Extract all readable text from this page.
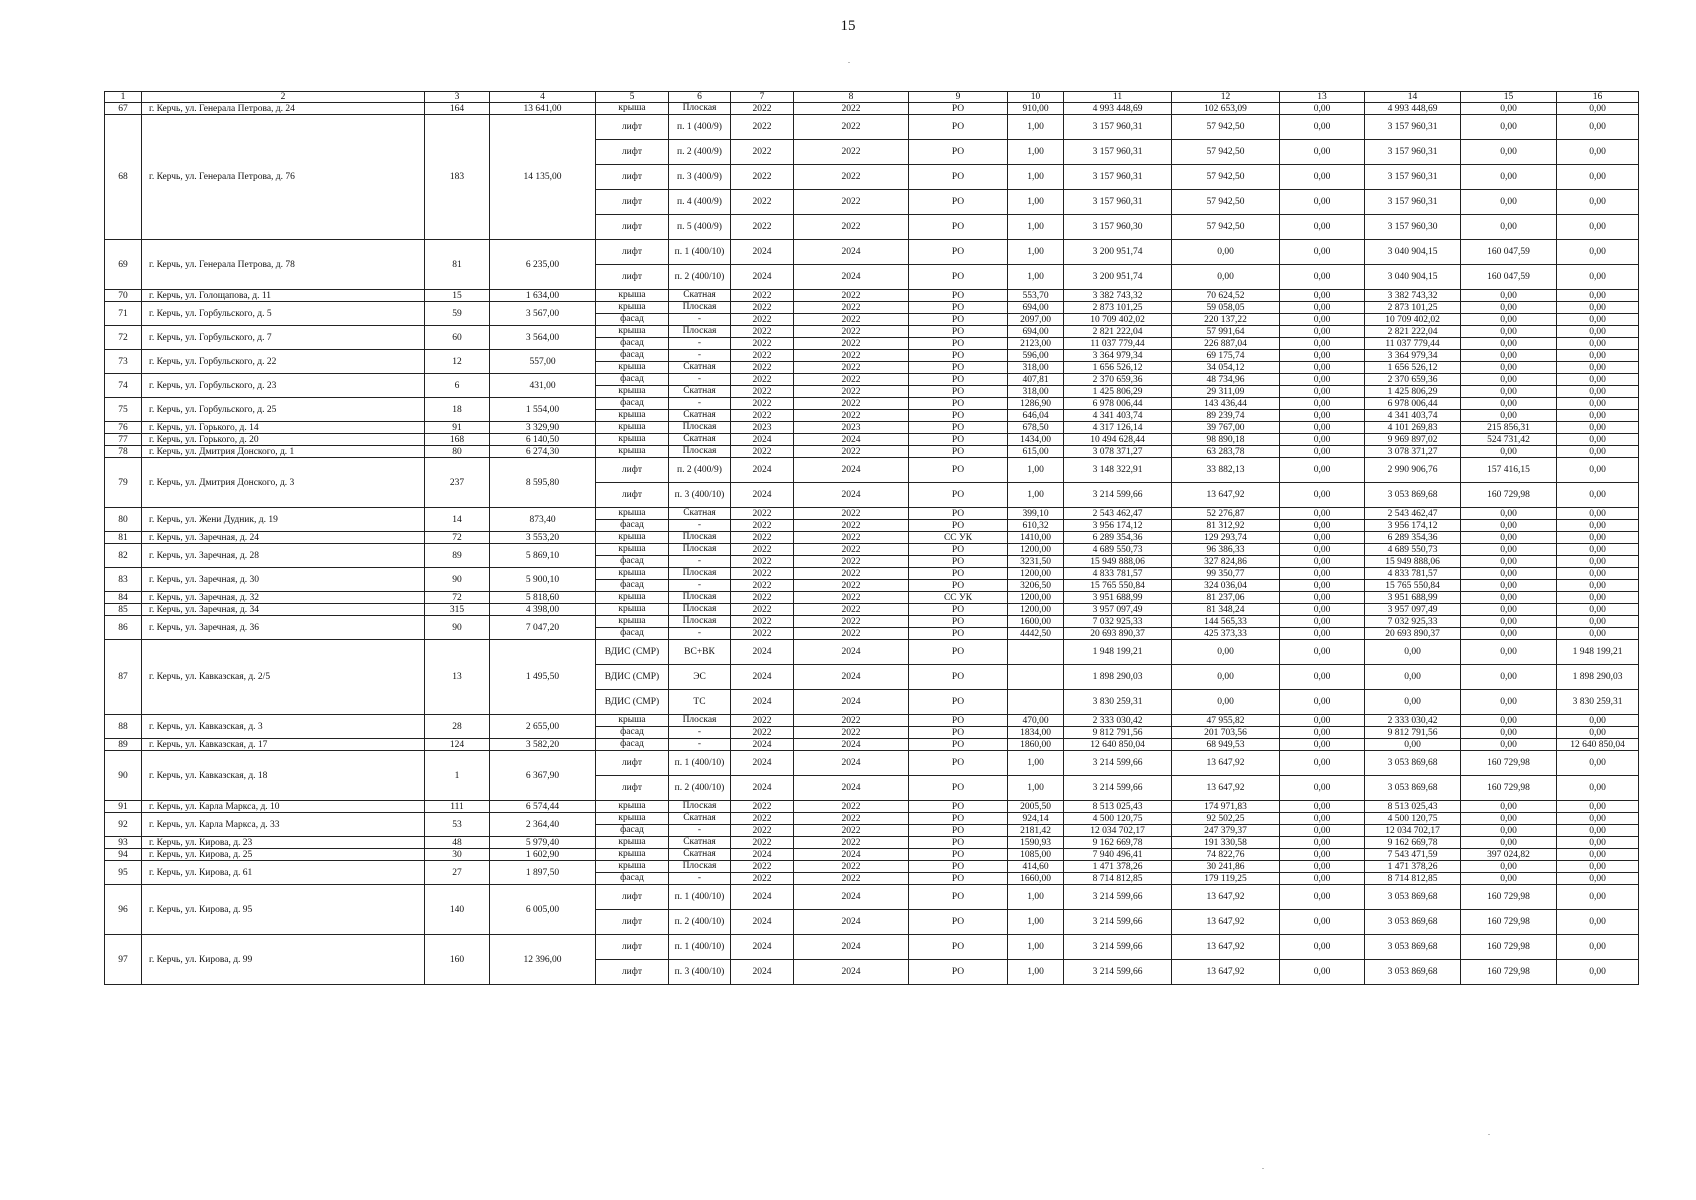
15
1	2	3	4	5	6	7	8	9	10	11	12	13	14	15	16
67	г. Керчь, ул. Генерала Петрова, д. 24	164	13 641,00	крыша	Плоская	2022	2022	РО	910,00	4 993 448,69	102 653,09	0,00	4 993 448,69	0,00	0,00
68	г. Керчь, ул. Генерала Петрова, д. 76	183	14 135,00	лифт	п. 1 (400/9)	2022	2022	РО	1,00	3 157 960,31	57 942,50	0,00	3 157 960,31	0,00	0,00
				лифт	п. 2 (400/9)	2022	2022	РО	1,00	3 157 960,31	57 942,50	0,00	3 157 960,31	0,00	0,00
				лифт	п. 3 (400/9)	2022	2022	РО	1,00	3 157 960,31	57 942,50	0,00	3 157 960,31	0,00	0,00
				лифт	п. 4 (400/9)	2022	2022	РО	1,00	3 157 960,31	57 942,50	0,00	3 157 960,31	0,00	0,00
				лифт	п. 5 (400/9)	2022	2022	РО	1,00	3 157 960,30	57 942,50	0,00	3 157 960,30	0,00	0,00
69	г. Керчь, ул. Генерала Петрова, д. 78	81	6 235,00	лифт	п. 1 (400/10)	2024	2024	РО	1,00	3 200 951,74	0,00	0,00	3 040 904,15	160 047,59	0,00
				лифт	п. 2 (400/10)	2024	2024	РО	1,00	3 200 951,74	0,00	0,00	3 040 904,15	160 047,59	0,00
70	г. Керчь, ул. Голощапова, д. 11	15	1 634,00	крыша	Скатная	2022	2022	РО	553,70	3 382 743,32	70 624,52	0,00	3 382 743,32	0,00	0,00
71	г. Керчь, ул. Горбульского, д. 5	59	3 567,00	крыша	Плоская	2022	2022	РО	694,00	2 873 101,25	59 058,05	0,00	2 873 101,25	0,00	0,00
				фасад	-	2022	2022	РО	2097,00	10 709 402,02	220 137,22	0,00	10 709 402,02	0,00	0,00
72	г. Керчь, ул. Горбульского, д. 7	60	3 564,00	крыша	Плоская	2022	2022	РО	694,00	2 821 222,04	57 991,64	0,00	2 821 222,04	0,00	0,00
				фасад	-	2022	2022	РО	2123,00	11 037 779,44	226 887,04	0,00	11 037 779,44	0,00	0,00
73	г. Керчь, ул. Горбульского, д. 22	12	557,00	фасад	-	2022	2022	РО	596,00	3 364 979,34	69 175,74	0,00	3 364 979,34	0,00	0,00
				крыша	Скатная	2022	2022	РО	318,00	1 656 526,12	34 054,12	0,00	1 656 526,12	0,00	0,00
74	г. Керчь, ул. Горбульского, д. 23	6	431,00	фасад	-	2022	2022	РО	407,81	2 370 659,36	48 734,96	0,00	2 370 659,36	0,00	0,00
				крыша	Скатная	2022	2022	РО	318,00	1 425 806,29	29 311,09	0,00	1 425 806,29	0,00	0,00
75	г. Керчь, ул. Горбульского, д. 25	18	1 554,00	фасад	-	2022	2022	РО	1286,90	6 978 006,44	143 436,44	0,00	6 978 006,44	0,00	0,00
				крыша	Скатная	2022	2022	РО	646,04	4 341 403,74	89 239,74	0,00	4 341 403,74	0,00	0,00
76	г. Керчь, ул. Горького, д. 14	91	3 329,90	крыша	Плоская	2023	2023	РО	678,50	4 317 126,14	39 767,00	0,00	4 101 269,83	215 856,31	0,00
77	г. Керчь, ул. Горького, д. 20	168	6 140,50	крыша	Скатная	2024	2024	РО	1434,00	10 494 628,44	98 890,18	0,00	9 969 897,02	524 731,42	0,00
78	г. Керчь, ул. Дмитрия Донского, д. 1	80	6 274,30	крыша	Плоская	2022	2022	РО	615,00	3 078 371,27	63 283,78	0,00	3 078 371,27	0,00	0,00
79	г. Керчь, ул. Дмитрия Донского, д. 3	237	8 595,80	лифт	п. 2 (400/9)	2024	2024	РО	1,00	3 148 322,91	33 882,13	0,00	2 990 906,76	157 416,15	0,00
				лифт	п. 3 (400/10)	2024	2024	РО	1,00	3 214 599,66	13 647,92	0,00	3 053 869,68	160 729,98	0,00
80	г. Керчь, ул. Жени Дудник, д. 19	14	873,40	крыша	Скатная	2022	2022	РО	399,10	2 543 462,47	52 276,87	0,00	2 543 462,47	0,00	0,00
				фасад	-	2022	2022	РО	610,32	3 956 174,12	81 312,92	0,00	3 956 174,12	0,00	0,00
81	г. Керчь, ул. Заречная, д. 24	72	3 553,20	крыша	Плоская	2022	2022	СС УК	1410,00	6 289 354,36	129 293,74	0,00	6 289 354,36	0,00	0,00
82	г. Керчь, ул. Заречная, д. 28	89	5 869,10	крыша	Плоская	2022	2022	РО	1200,00	4 689 550,73	96 386,33	0,00	4 689 550,73	0,00	0,00
				фасад	-	2022	2022	РО	3231,50	15 949 888,06	327 824,86	0,00	15 949 888,06	0,00	0,00
83	г. Керчь, ул. Заречная, д. 30	90	5 900,10	крыша	Плоская	2022	2022	РО	1200,00	4 833 781,57	99 350,77	0,00	4 833 781,57	0,00	0,00
				фасад	-	2022	2022	РО	3206,50	15 765 550,84	324 036,04	0,00	15 765 550,84	0,00	0,00
84	г. Керчь, ул. Заречная, д. 32	72	5 818,60	крыша	Плоская	2022	2022	СС УК	1200,00	3 951 688,99	81 237,06	0,00	3 951 688,99	0,00	0,00
85	г. Керчь, ул. Заречная, д. 34	315	4 398,00	крыша	Плоская	2022	2022	РО	1200,00	3 957 097,49	81 348,24	0,00	3 957 097,49	0,00	0,00
86	г. Керчь, ул. Заречная, д. 36	90	7 047,20	крыша	Плоская	2022	2022	РО	1600,00	7 032 925,33	144 565,33	0,00	7 032 925,33	0,00	0,00
				фасад	-	2022	2022	РО	4442,50	20 693 890,37	425 373,33	0,00	20 693 890,37	0,00	0,00
87	г. Керчь, ул. Кавказская, д. 2/5	13	1 495,50	ВДИС (СМР)	ВС+ВК	2024	2024	РО		1 948 199,21	0,00	0,00	0,00	0,00	1 948 199,21
				ВДИС (СМР)	ЭС	2024	2024	РО		1 898 290,03	0,00	0,00	0,00	0,00	1 898 290,03
				ВДИС (СМР)	ТС	2024	2024	РО		3 830 259,31	0,00	0,00	0,00	0,00	3 830 259,31
88	г. Керчь, ул. Кавказская, д. 3	28	2 655,00	крыша	Плоская	2022	2022	РО	470,00	2 333 030,42	47 955,82	0,00	2 333 030,42	0,00	0,00
				фасад	-	2022	2022	РО	1834,00	9 812 791,56	201 703,56	0,00	9 812 791,56	0,00	0,00
89	г. Керчь, ул. Кавказская, д. 17	124	3 582,20	фасад	-	2024	2024	РО	1860,00	12 640 850,04	68 949,53	0,00	0,00	0,00	12 640 850,04
90	г. Керчь, ул. Кавказская, д. 18	1	6 367,90	лифт	п. 1 (400/10)	2024	2024	РО	1,00	3 214 599,66	13 647,92	0,00	3 053 869,68	160 729,98	0,00
				лифт	п. 2 (400/10)	2024	2024	РО	1,00	3 214 599,66	13 647,92	0,00	3 053 869,68	160 729,98	0,00
91	г. Керчь, ул. Карла Маркса, д. 10	111	6 574,44	крыша	Плоская	2022	2022	РО	2005,50	8 513 025,43	174 971,83	0,00	8 513 025,43	0,00	0,00
92	г. Керчь, ул. Карла Маркса, д. 33	53	2 364,40	крыша	Скатная	2022	2022	РО	924,14	4 500 120,75	92 502,25	0,00	4 500 120,75	0,00	0,00
				фасад	-	2022	2022	РО	2181,42	12 034 702,17	247 379,37	0,00	12 034 702,17	0,00	0,00
93	г. Керчь, ул. Кирова, д. 23	48	5 979,40	крыша	Скатная	2022	2022	РО	1590,93	9 162 669,78	191 330,58	0,00	9 162 669,78	0,00	0,00
94	г. Керчь, ул. Кирова, д. 25	30	1 602,90	крыша	Скатная	2024	2024	РО	1085,00	7 940 496,41	74 822,76	0,00	7 543 471,59	397 024,82	0,00
95	г. Керчь, ул. Кирова, д. 61	27	1 897,50	крыша	Плоская	2022	2022	РО	414,60	1 471 378,26	30 241,86	0,00	1 471 378,26	0,00	0,00
				фасад	-	2022	2022	РО	1660,00	8 714 812,85	179 119,25	0,00	8 714 812,85	0,00	0,00
96	г. Керчь, ул. Кирова, д. 95	140	6 005,00	лифт	п. 1 (400/10)	2024	2024	РО	1,00	3 214 599,66	13 647,92	0,00	3 053 869,68	160 729,98	0,00
				лифт	п. 2 (400/10)	2024	2024	РО	1,00	3 214 599,66	13 647,92	0,00	3 053 869,68	160 729,98	0,00
97	г. Керчь, ул. Кирова, д. 99	160	12 396,00	лифт	п. 1 (400/10)	2024	2024	РО	1,00	3 214 599,66	13 647,92	0,00	3 053 869,68	160 729,98	0,00
				лифт	п. 3 (400/10)	2024	2024	РО	1,00	3 214 599,66	13 647,92	0,00	3 053 869,68	160 729,98	0,00
